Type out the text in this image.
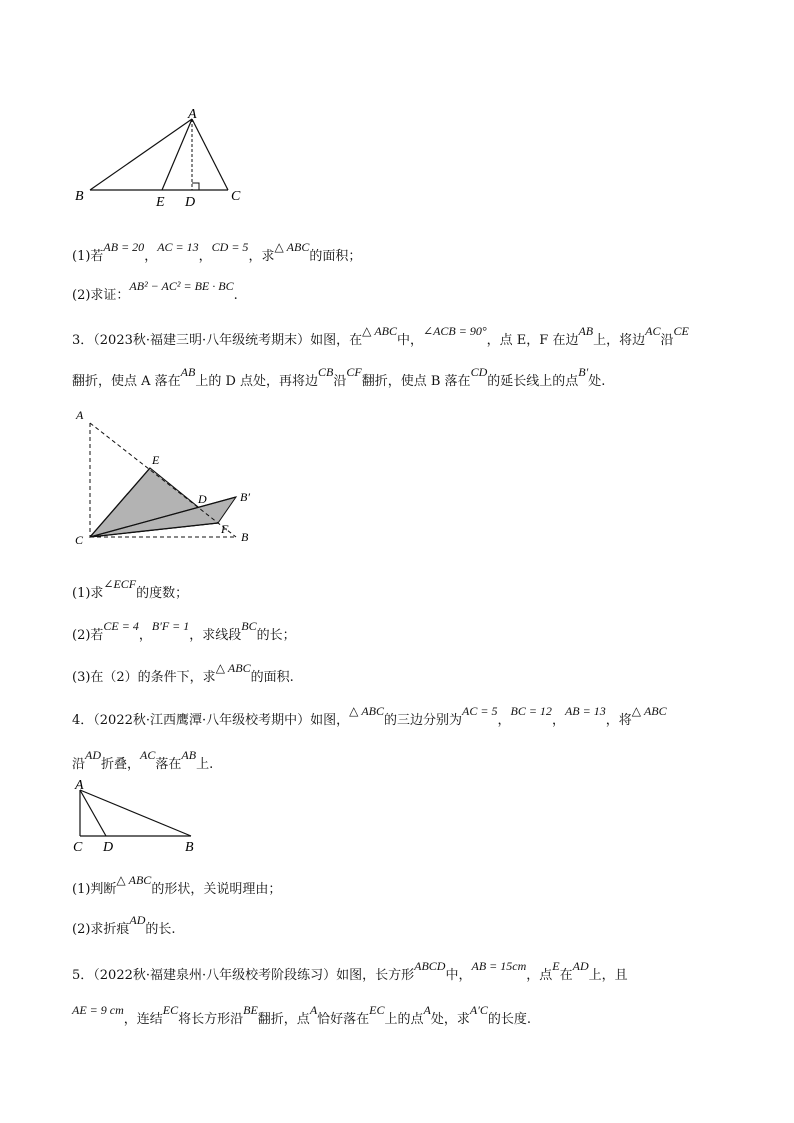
A
B	C
D
E
(1)若AB = 20，AC = 13，CD = 5，求△ ABC的面积；
(2)求证：AB² − AC² = BE · BC.
3．（2023秋·福建三明·八年级统考期末）如图，在△ ABC中，∠ACB = 90°，点 E，F 在边AB上，将边AC沿CE
翻折，使点 A 落在AB上的 D 点处，再将边CB沿CF翻折，使点 B 落在CD的延长线上的点B′处.
A
B
B′
C
D
E
F
(1)求∠ECF的度数；
(2)若CE = 4，B′F = 1，求线段BC的长；
(3)在（2）的条件下，求△ ABC的面积.
4．（2022秋·江西鹰潭·八年级校考期中）如图，△ ABC的三边分别为AC = 5，BC = 12，AB = 13，将△ ABC
沿AD折叠，AC落在AB上.
A
B
C D
(1)判断△ ABC的形状，关说明理由；
(2)求折痕AD的长.
5．（2022秋·福建泉州·八年级校考阶段练习）如图，长方形ABCD中，AB = 15cm，点E在AD上，且
AE = 9 cm，连结EC将长方形沿BE翻折，点A恰好落在EC上的点A处，求A′C的长度.
